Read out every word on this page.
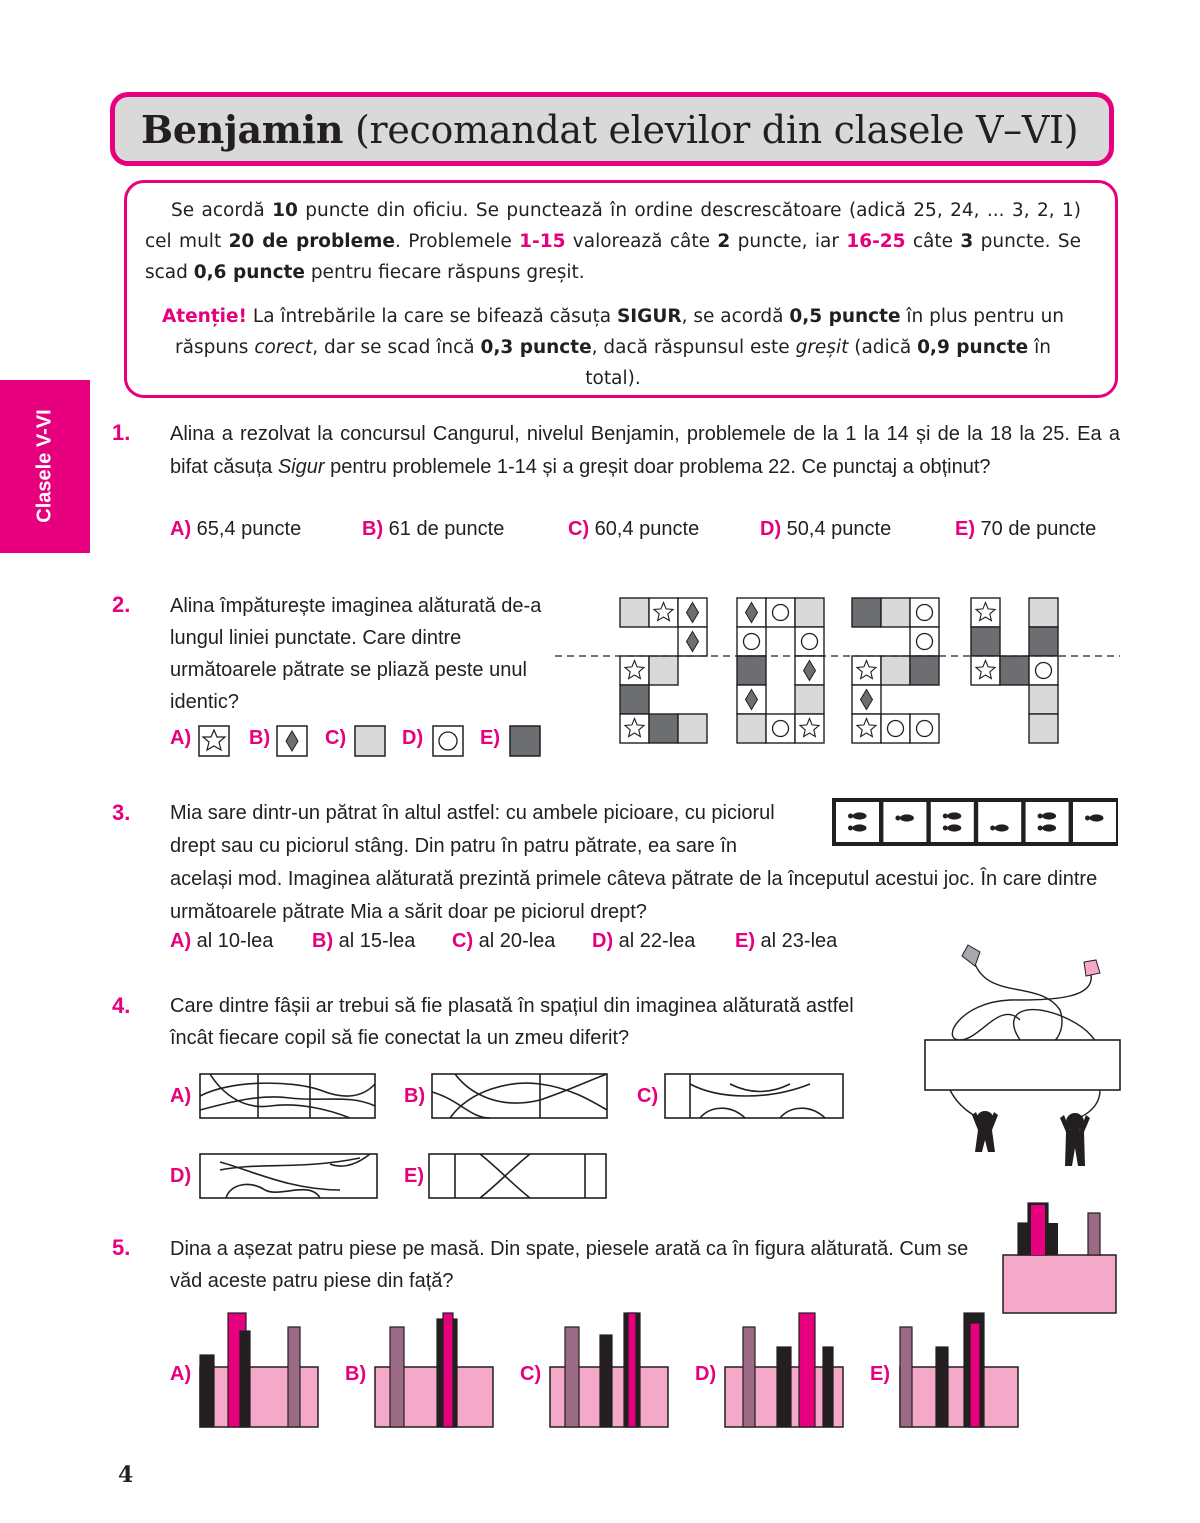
Benjamin (recomandat elevilor din clasele V–VI)
Se acordă 10 puncte din oficiu. Se punctează în ordine descrescătoare (adică 25, 24, ... 3, 2, 1) cel mult 20 de probleme. Problemele 1-15 valorează câte 2 puncte, iar 16-25 câte 3 puncte. Se scad 0,6 puncte pentru fiecare răspuns greșit.
Atenție! La întrebările la care se bifează căsuța SIGUR, se acordă 0,5 puncte în plus pentru un răspuns corect, dar se scad încă 0,3 puncte, dacă răspunsul este greșit (adică 0,9 puncte în total).
Clasele V-VI	1. Alina a rezolvat la concursul Cangurul, nivelul Benjamin, problemele de la 1 la 14 și de la 18 la 25. Ea a bifat căsuța Sigur pentru problemele 1-14 și a greșit doar problema 22. Ce punctaj a obținut?
A) 65,4 puncte	B) 61 de puncte	C) 60,4 puncte	D) 50,4 puncte	E) 70 de puncte
2. Alina împăturește imaginea alăturată de-a lungul liniei punctate. Care dintre următoarele pătrate se pliază peste unul identic?
A)	B)	C)	D)	E)
3. Mia sare dintr-un pătrat în altul astfel: cu ambele picioare, cu piciorul drept sau cu piciorul stâng. Din patru în patru pătrate, ea sare în același mod. Imaginea alăturată prezintă primele câteva pătrate de la începutul acestui joc. În care dintre următoarele pătrate Mia a sărit doar pe piciorul drept?
A) al 10-lea B) al 15-lea C) al 20-lea D) al 22-lea E) al 23-lea
4. Care dintre fâșii ar trebui să fie plasată în spațiul din imaginea alăturată astfel încât fiecare copil să fie conectat la un zmeu diferit?
A)	B)	C)
D)	E)
5. Dina a așezat patru piese pe masă. Din spate, piesele arată ca în figura alăturată. Cum se văd aceste patru piese din față?
A)	B)	C)	D)	E)
4
